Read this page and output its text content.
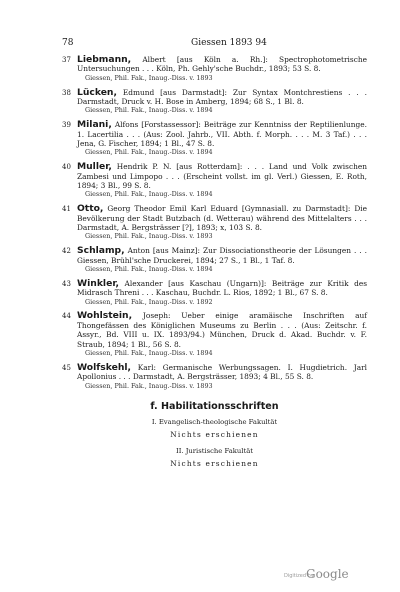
78	Giessen 1893 94
37 Liebmann, Albert [aus Köln a. Rh.]: Spectrophotometrische Untersuchungen . . . Köln, Ph. Gehly'sche Buchdr., 1893; 53 S. 8.
Giessen, Phil. Fak., Inaug.-Diss. v. 1893
38 Lücken, Edmund [aus Darmstadt]: Zur Syntax Montchrestiens . . . Darmstadt, Druck v. H. Bose in Amberg, 1894; 68 S., 1 Bl. 8.
Giessen, Phil. Fak., Inaug.-Diss. v. 1894
39 Milani, Alfons [Forstassessor]: Beiträge zur Kenntniss der Reptilienlunge. 1. Lacertilia . . . (Aus: Zool. Jahrb., VII. Abth. f. Morph. . . . M. 3 Taf.) . . . Jena, G. Fischer, 1894; 1 Bl., 47 S. 8.
Giessen, Phil. Fak., Inaug.-Diss. v. 1894
40 Muller, Hendrik P. N. [aus Rotterdam]: . . . Land und Volk zwischen Zambesi und Limpopo . . . (Erscheint vollst. im gl. Verl.) Giessen, E. Roth, 1894; 3 Bl., 99 S. 8.
Giessen, Phil. Fak., Inaug.-Diss. v. 1894
41 Otto, Georg Theodor Emil Karl Eduard [Gymnasiall. zu Darmstadt]: Die Bevölkerung der Stadt Butzbach (d. Wetterau) während des Mittelalters . . . Darmstadt, A. Bergsträsser [?], 1893; x, 103 S. 8.
Giessen, Phil. Fak., Inaug.-Diss. v. 1893
42 Schlamp, Anton [aus Mainz]: Zur Dissociationstheorie der Lösungen . . . Giessen, Brühl'sche Druckerei, 1894; 27 S., 1 Bl., 1 Taf. 8.
Giessen, Phil. Fak., Inaug.-Diss. v. 1894
43 Winkler, Alexander [aus Kaschau (Ungarn)]: Beiträge zur Kritik des Midrasch Threni . . . Kaschau, Buchdr. L. Rios, 1892; 1 Bl., 67 S. 8.
Giessen, Phil. Fak., Inaug.-Diss. v. 1892
44 Wohlstein, Joseph: Ueber einige aramäische Inschriften auf Thongefässen des Königlichen Museums zu Berlin . . . (Aus: Zeitschr. f. Assyr., Bd. VIII u. IX. 1893/94.) München, Druck d. Akad. Buchdr. v. F. Straub, 1894; 1 Bl., 56 S. 8.
Giessen, Phil. Fak., Inaug.-Diss. v. 1894
45 Wolfskehl, Karl: Germanische Werbungssagen. I. Hugdietrich. Jarl Apollonius . . . Darmstadt, A. Bergsträsser, 1893; 4 Bl., 55 S. 8.
Giessen, Phil. Fak., Inaug.-Diss. v. 1893
f. Habilitationsschriften
I. Evangelisch-theologische Fakultät
Nichts erschienen
II. Juristische Fakultät
Nichts erschienen
Digitized by
Google
